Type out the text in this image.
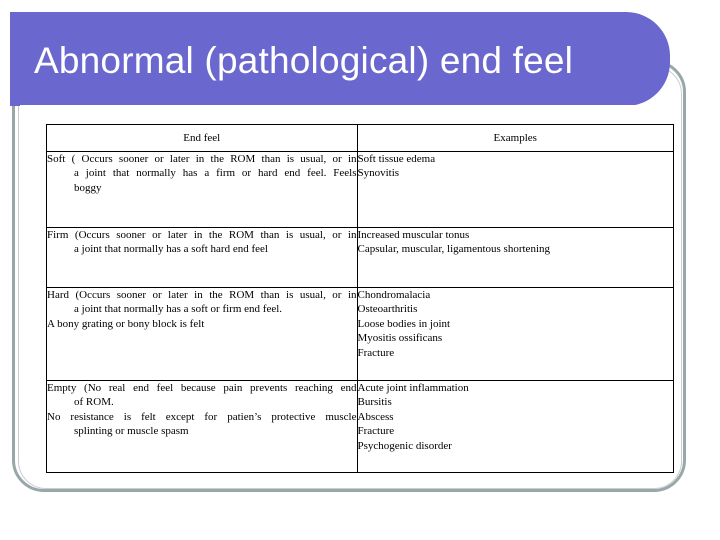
Abnormal (pathological) end feel
End feel	Examples

Soft ( Occurs sooner or later in the ROM than is usual, or in
a joint that normally has a firm or hard end feel. Feels
boggy	Soft tissue edema
Synovitis

Firm (Occurs sooner or later in the ROM than is usual, or in
a joint that normally has a soft hard end feel	Increased muscular tonus
Capsular, muscular, ligamentous shortening

Hard (Occurs sooner or later in the ROM than is usual, or in
a joint that normally has a soft or firm end feel.
A bony grating or bony block is felt	Chondromalacia
Osteoarthritis
Loose bodies in joint
Myositis ossificans
Fracture

Empty (No real end feel because pain prevents reaching end
of ROM.
No resistance is felt except for patien’s protective muscle
splinting or muscle spasm	Acute joint inflammation
Bursitis
Abscess
Fracture
Psychogenic disorder
